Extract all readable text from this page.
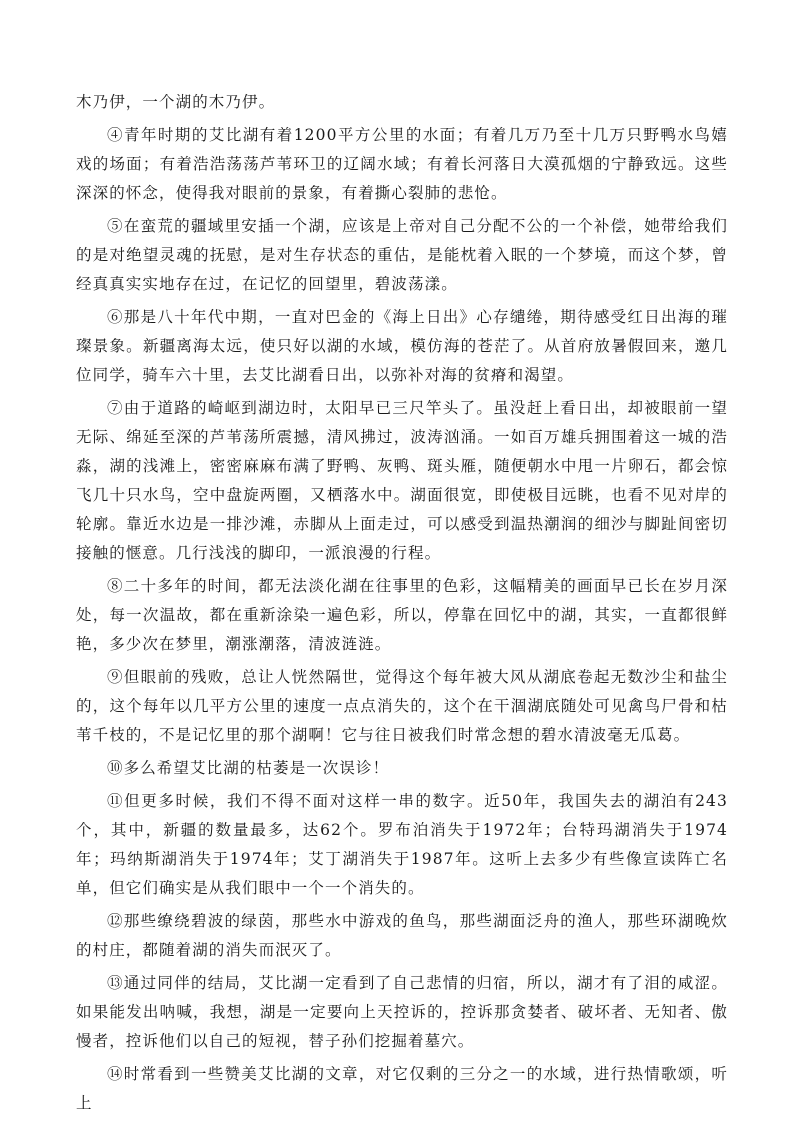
木乃伊，一个湖的木乃伊。

④青年时期的艾比湖有着1200平方公里的水面；有着几万乃至十几万只野鸭水鸟嬉戏的场面；有着浩浩荡荡芦苇环卫的辽阔水域；有着长河落日大漠孤烟的宁静致远。这些深深的怀念，使得我对眼前的景象，有着撕心裂肺的悲怆。

⑤在蛮荒的疆域里安插一个湖，应该是上帝对自己分配不公的一个补偿，她带给我们的是对绝望灵魂的抚慰，是对生存状态的重估，是能枕着入眠的一个梦境，而这个梦，曾经真真实实地存在过，在记忆的回望里，碧波荡漾。

⑥那是八十年代中期，一直对巴金的《海上日出》心存缱绻，期待感受红日出海的璀璨景象。新疆离海太远，使只好以湖的水域，模仿海的苍茫了。从首府放暑假回来，邀几位同学，骑车六十里，去艾比湖看日出，以弥补对海的贫瘠和渴望。

⑦由于道路的崎岖到湖边时，太阳早已三尺竿头了。虽没赶上看日出，却被眼前一望无际、绵延至深的芦苇荡所震撼，清风拂过，波涛汹涌。一如百万雄兵拥围着这一城的浩淼，湖的浅滩上，密密麻麻布满了野鸭、灰鸭、斑头雁，随便朝水中甩一片卵石，都会惊飞几十只水鸟，空中盘旋两圈，又栖落水中。湖面很宽，即使极目远眺，也看不见对岸的轮廓。靠近水边是一排沙滩，赤脚从上面走过，可以感受到温热潮润的细沙与脚趾间密切接触的惬意。几行浅浅的脚印，一派浪漫的行程。

⑧二十多年的时间，都无法淡化湖在往事里的色彩，这幅精美的画面早已长在岁月深处，每一次温故，都在重新涂染一遍色彩，所以，停靠在回忆中的湖，其实，一直都很鲜艳，多少次在梦里，潮涨潮落，清波涟涟。

⑨但眼前的残败，总让人恍然隔世，觉得这个每年被大风从湖底卷起无数沙尘和盐尘的，这个每年以几平方公里的速度一点点消失的，这个在干涸湖底随处可见禽鸟尸骨和枯苇千枝的，不是记忆里的那个湖啊！它与往日被我们时常念想的碧水清波毫无瓜葛。

⑩多么希望艾比湖的枯萎是一次误诊！

⑪但更多时候，我们不得不面对这样一串的数字。近50年，我国失去的湖泊有243个，其中，新疆的数量最多，达62个。罗布泊消失于1972年；台特玛湖消失于1974年；玛纳斯湖消失于1974年；艾丁湖消失于1987年。这听上去多少有些像宣读阵亡名单，但它们确实是从我们眼中一个一个消失的。

⑫那些缭绕碧波的绿茵，那些水中游戏的鱼鸟，那些湖面泛舟的渔人，那些环湖晚炊的村庄，都随着湖的消失而泯灭了。

⑬通过同伴的结局，艾比湖一定看到了自己悲情的归宿，所以，湖才有了泪的咸涩。如果能发出呐喊，我想，湖是一定要向上天控诉的，控诉那贪婪者、破坏者、无知者、傲慢者，控诉他们以自己的短视，替子孙们挖掘着墓穴。

⑭时常看到一些赞美艾比湖的文章，对它仅剩的三分之一的水域，进行热情歌颂，听上
